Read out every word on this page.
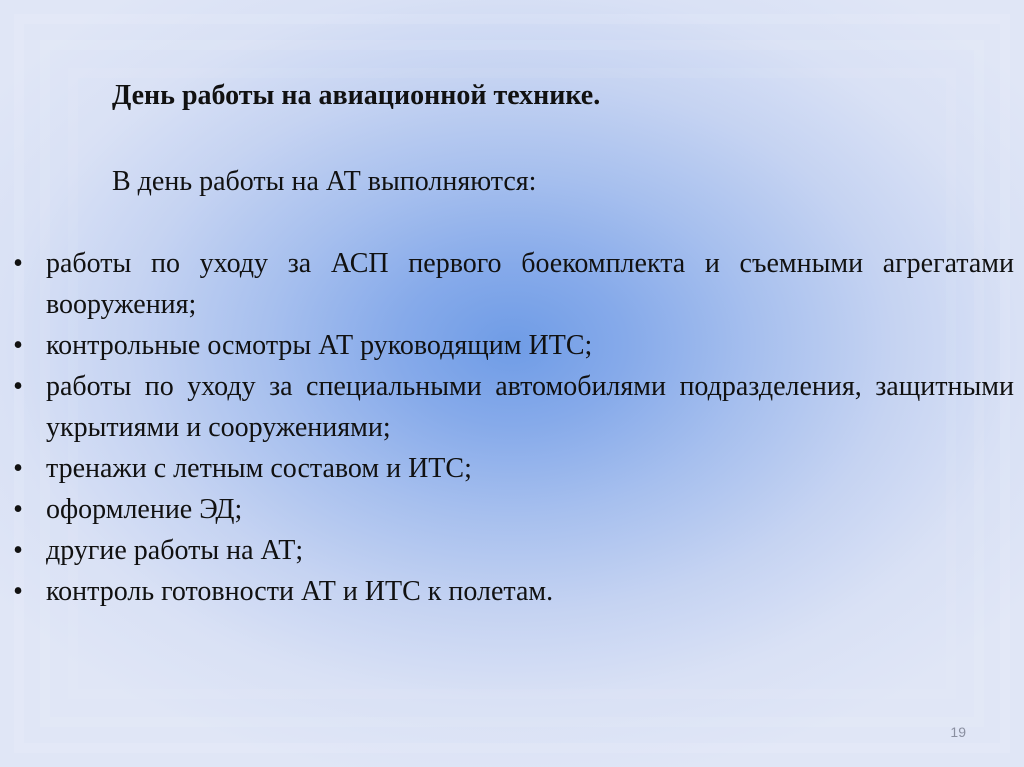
День работы на авиационной технике.

В день работы на АТ выполняются:

• работы по уходу за АСП первого боекомплекта и съемными агрегатами вооружения;
• контрольные осмотры АТ руководящим ИТС;
• работы по уходу за специальными автомобилями подразделения, защитными укрытиями и сооружениями;
• тренажи с летным составом и ИТС;
• оформление ЭД;
• другие работы на АТ;
• контроль готовности АТ и ИТС к полетам.
19
